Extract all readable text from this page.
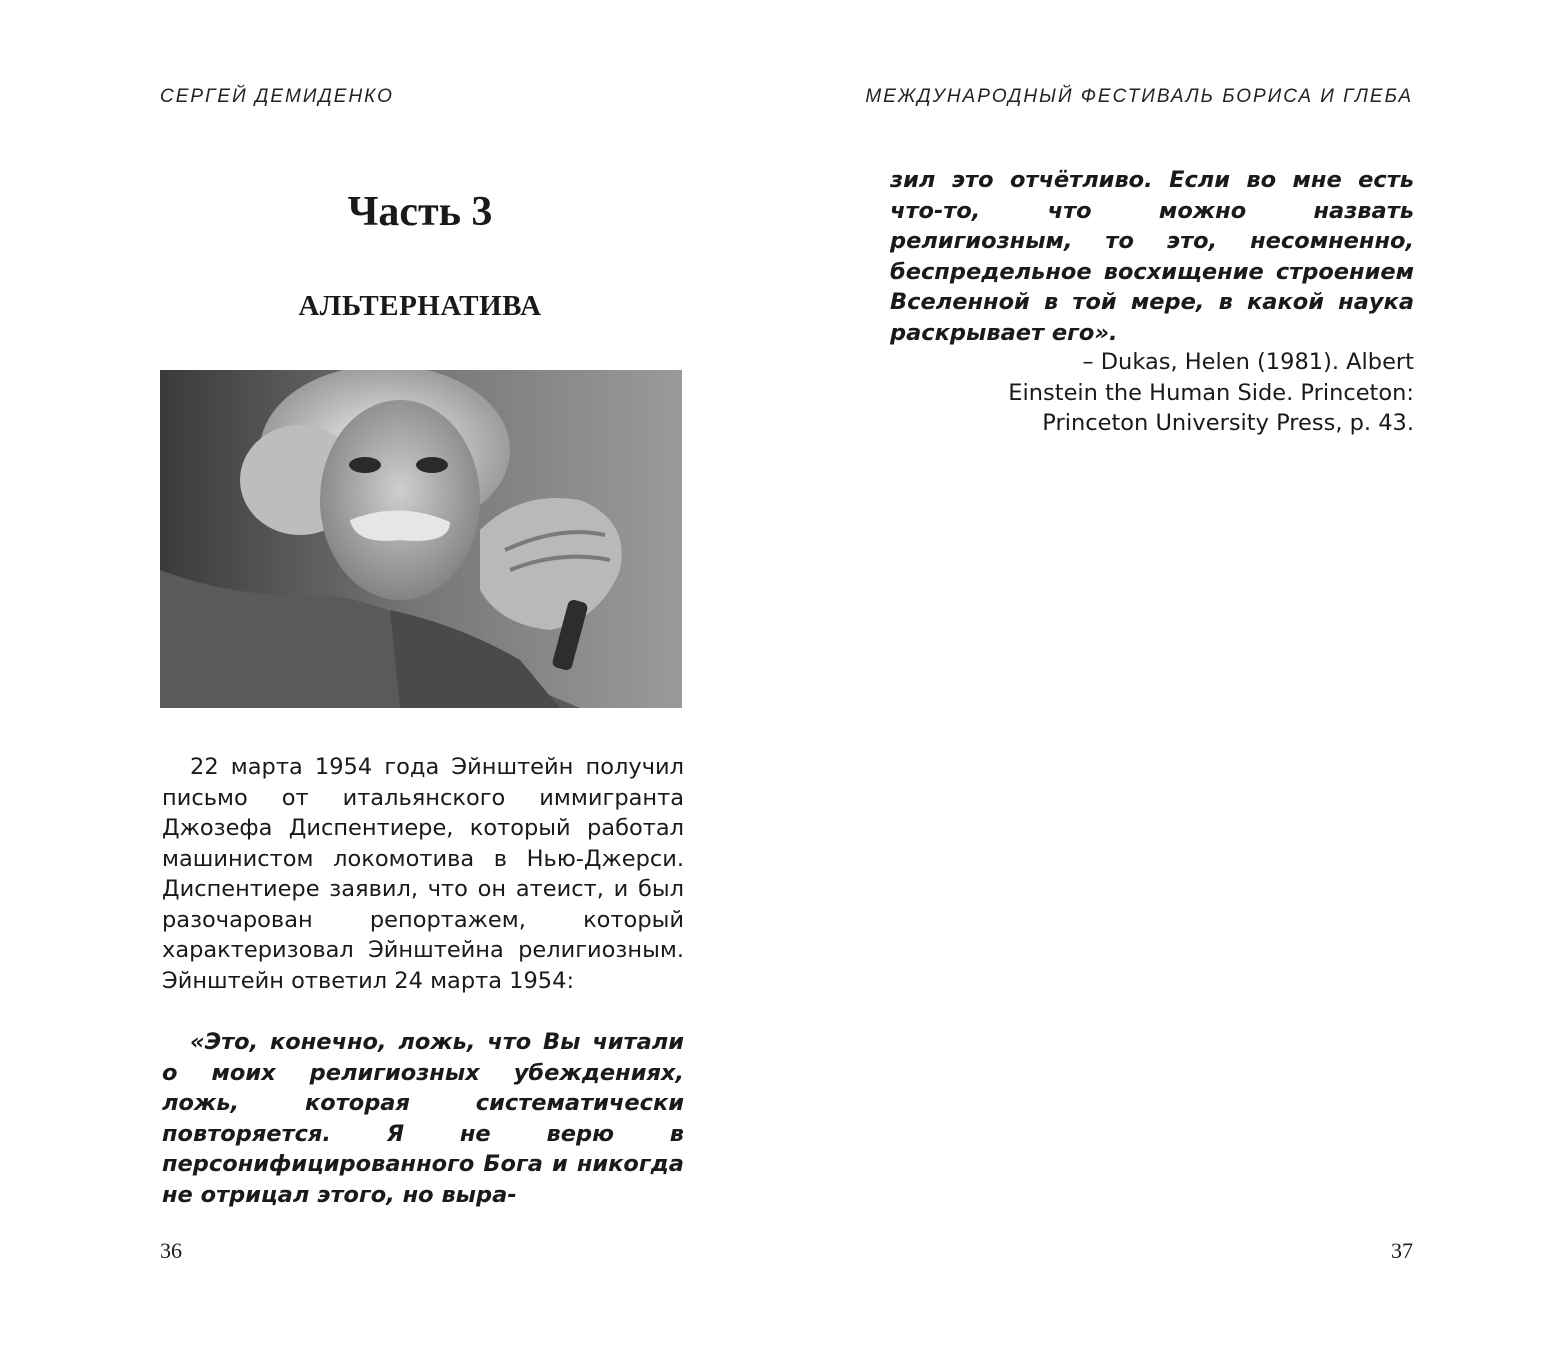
СЕРГЕЙ ДЕМИДЕНКО
Часть 3
АЛЬТЕРНАТИВА

22 марта 1954 года Эйнштейн получил письмо от итальянского иммигранта Джозефа Диспентиере, который работал машинистом локомотива в Нью-Джерси. Диспентиере заявил, что он атеист, и был разочарован репортажем, который характеризовал Эйнштейна религиозным. Эйнштейн ответил 24 марта 1954:

«Это, конечно, ложь, что Вы читали о моих религиозных убеждениях, ложь, которая систематически повторяется. Я не верю в персонифицированного Бога и никогда не отрицал этого, но выра-

36
МЕЖДУНАРОДНЫЙ ФЕСТИВАЛЬ БОРИСА И ГЛЕБА

зил это отчётливо. Если во мне есть что-то, что можно назвать религиозным, то это, несомненно, беспредельное восхищение строением Вселенной в той мере, в какой наука раскрывает его».

– Dukas, Helen (1981). Albert
Einstein the Human Side. Princeton:
Princeton University Press, p. 43.
37
